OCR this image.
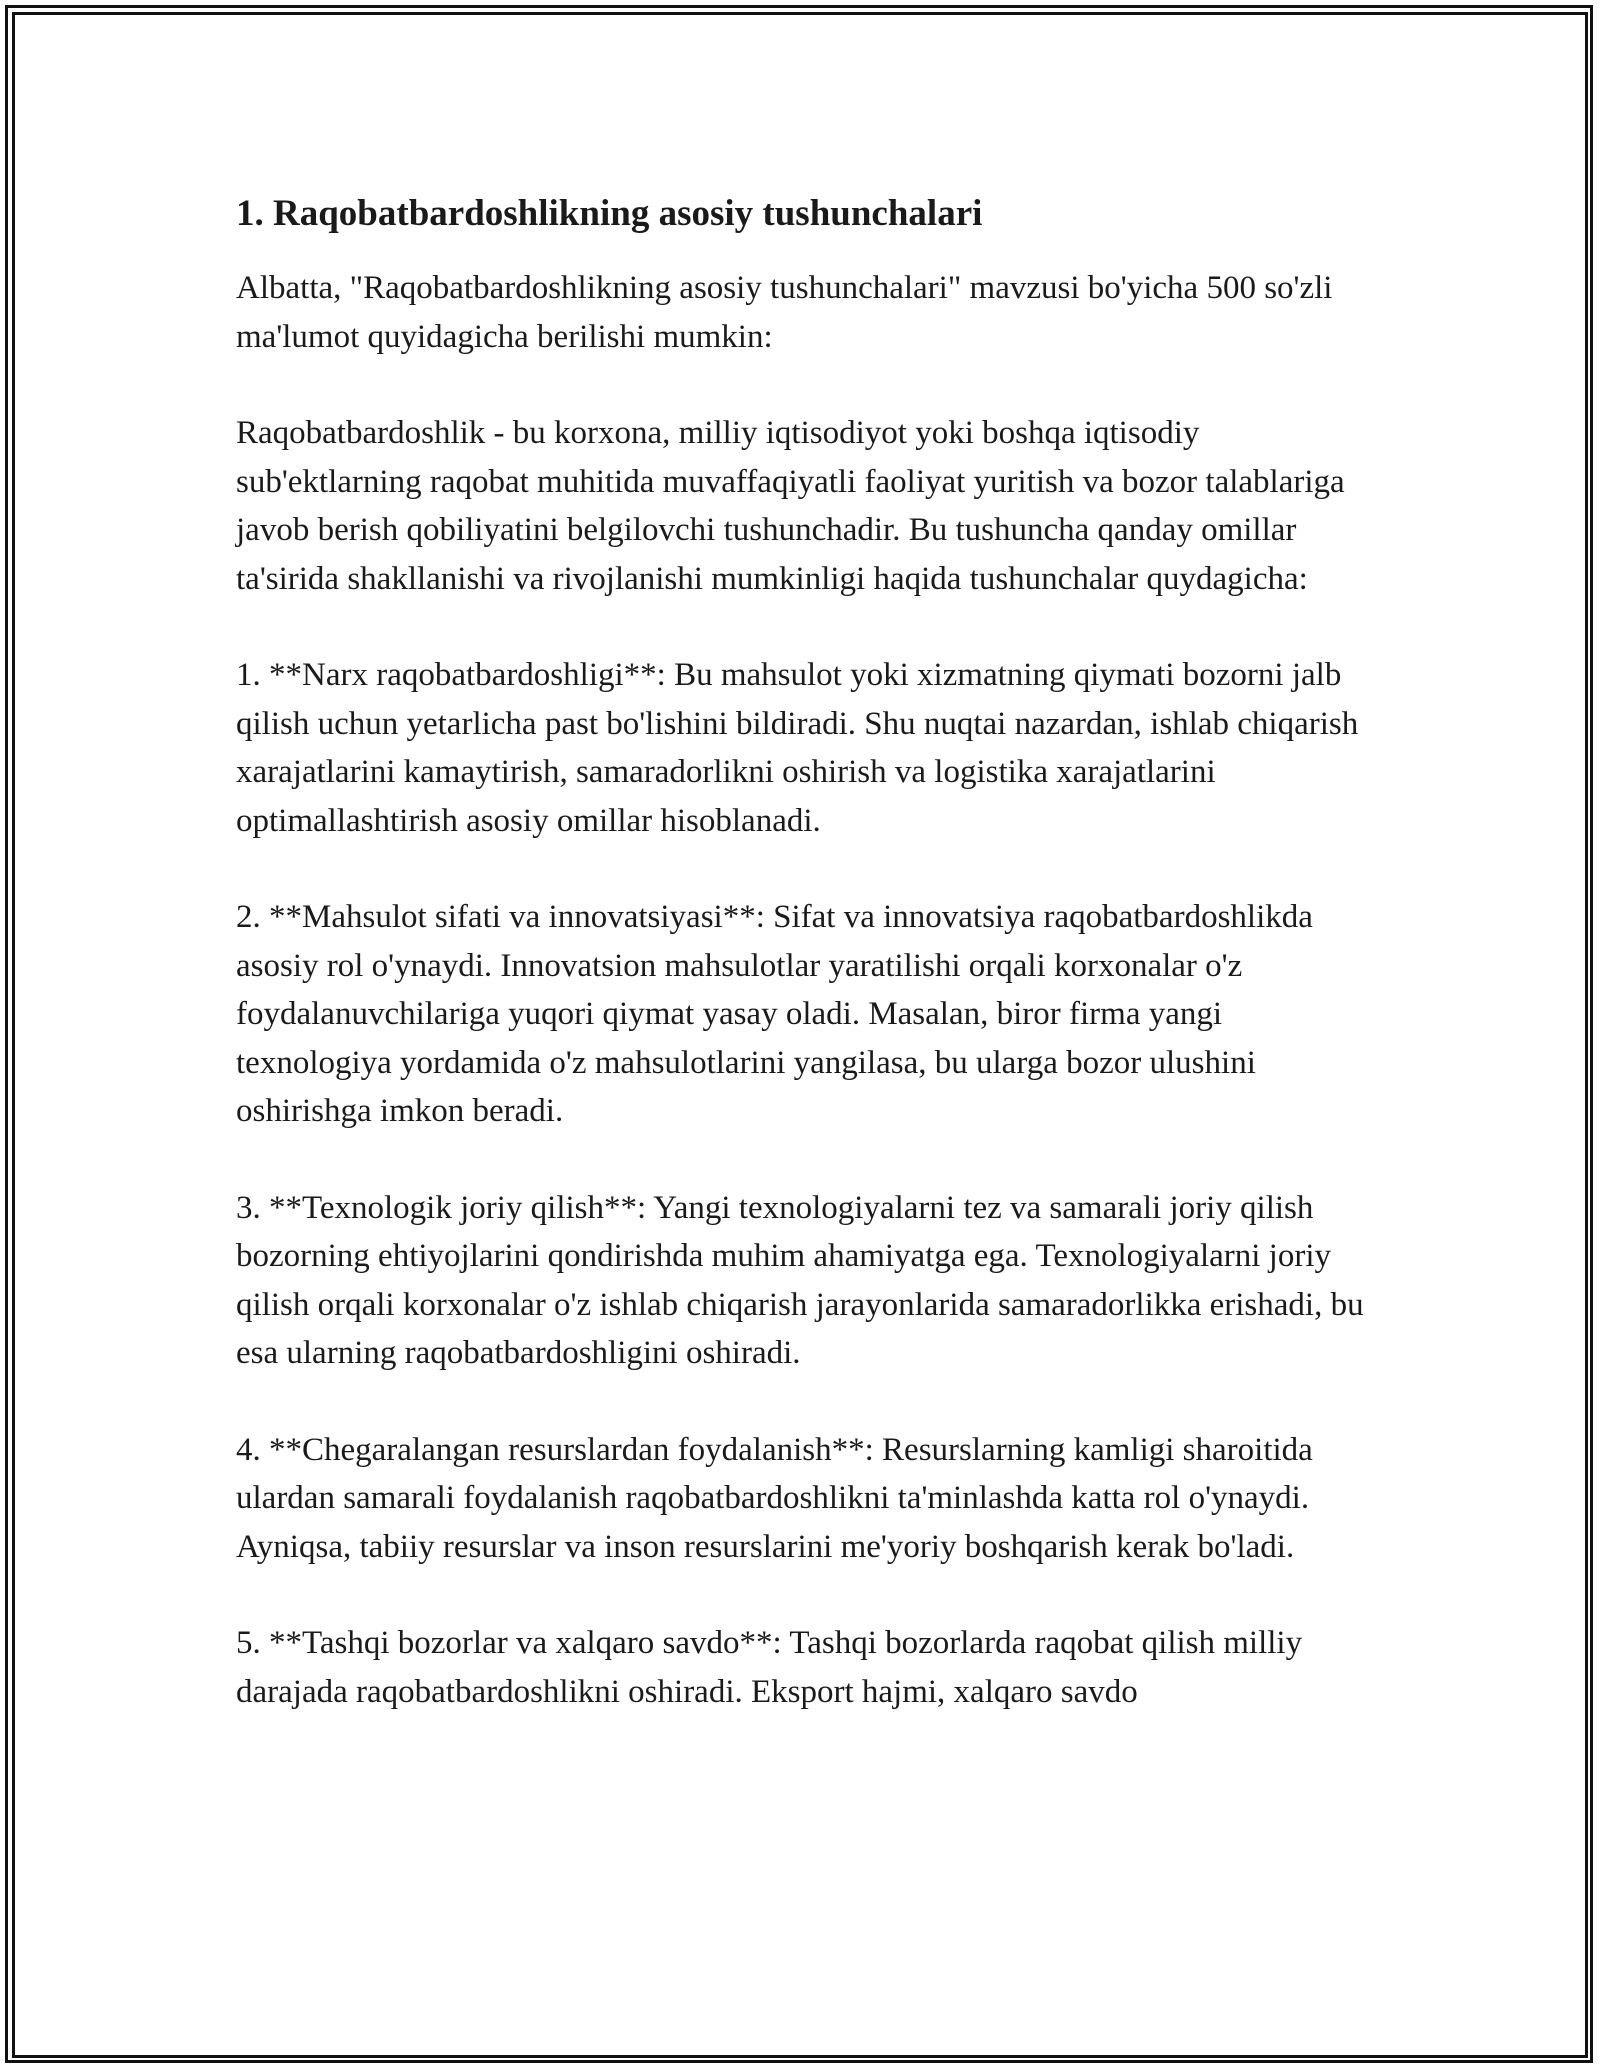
1. Raqobatbardoshlikning asosiy tushunchalari

Albatta, "Raqobatbardoshlikning asosiy tushunchalari" mavzusi bo'yicha 500 so'zli ma'lumot quyidagicha berilishi mumkin:

Raqobatbardoshlik - bu korxona, milliy iqtisodiyot yoki boshqa iqtisodiy sub'ektlarning raqobat muhitida muvaffaqiyatli faoliyat yuritish va bozor talablariga javob berish qobiliyatini belgilovchi tushunchadir. Bu tushuncha qanday omillar ta'sirida shakllanishi va rivojlanishi mumkinligi haqida tushunchalar quydagicha:

1. **Narx raqobatbardoshligi**: Bu mahsulot yoki xizmatning qiymati bozorni jalb qilish uchun yetarlicha past bo'lishini bildiradi. Shu nuqtai nazardan, ishlab chiqarish xarajatlarini kamaytirish, samaradorlikni oshirish va logistika xarajatlarini optimallashtirish asosiy omillar hisoblanadi.

2. **Mahsulot sifati va innovatsiyasi**: Sifat va innovatsiya raqobatbardoshlikda asosiy rol o'ynaydi. Innovatsion mahsulotlar yaratilishi orqali korxonalar o'z foydalanuvchilariga yuqori qiymat yasay oladi. Masalan, biror firma yangi texnologiya yordamida o'z mahsulotlarini yangilasa, bu ularga bozor ulushini oshirishga imkon beradi.

3. **Texnologik joriy qilish**: Yangi texnologiyalarni tez va samarali joriy qilish bozorning ehtiyojlarini qondirishda muhim ahamiyatga ega. Texnologiyalarni joriy qilish orqali korxonalar o'z ishlab chiqarish jarayonlarida samaradorlikka erishadi, bu esa ularning raqobatbardoshligini oshiradi.

4. **Chegaralangan resurslardan foydalanish**: Resurslarning kamligi sharoitida ulardan samarali foydalanish raqobatbardoshlikni ta'minlashda katta rol o'ynaydi. Ayniqsa, tabiiy resurslar va inson resurslarini me'yoriy boshqarish kerak bo'ladi.

5. **Tashqi bozorlar va xalqaro savdo**: Tashqi bozorlarda raqobat qilish milliy darajada raqobatbardoshlikni oshiradi. Eksport hajmi, xalqaro savdo
